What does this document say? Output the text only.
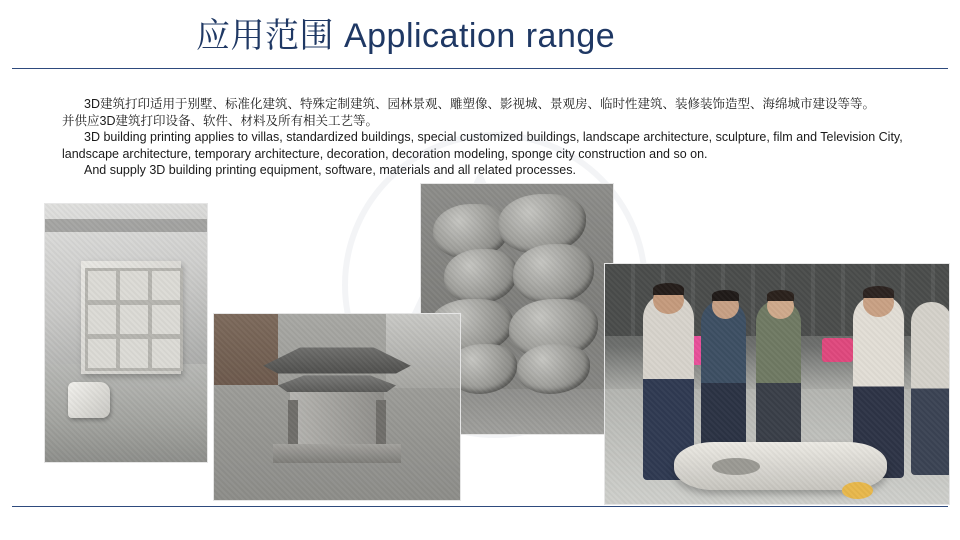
应用范围 Application range

3D建筑打印适用于别墅、标准化建筑、特殊定制建筑、园林景观、雕塑像、影视城、景观房、临时性建筑、装修装饰造型、海绵城市建设等等。

并供应3D建筑打印设备、软件、材料及所有相关工艺等。

3D building printing applies to villas, standardized buildings, special customized buildings, landscape architecture, sculpture, film and Television City, landscape architecture, temporary architecture, decoration, decoration modeling, sponge city construction and so on.

And supply 3D building printing equipment, software, materials and all related processes.
